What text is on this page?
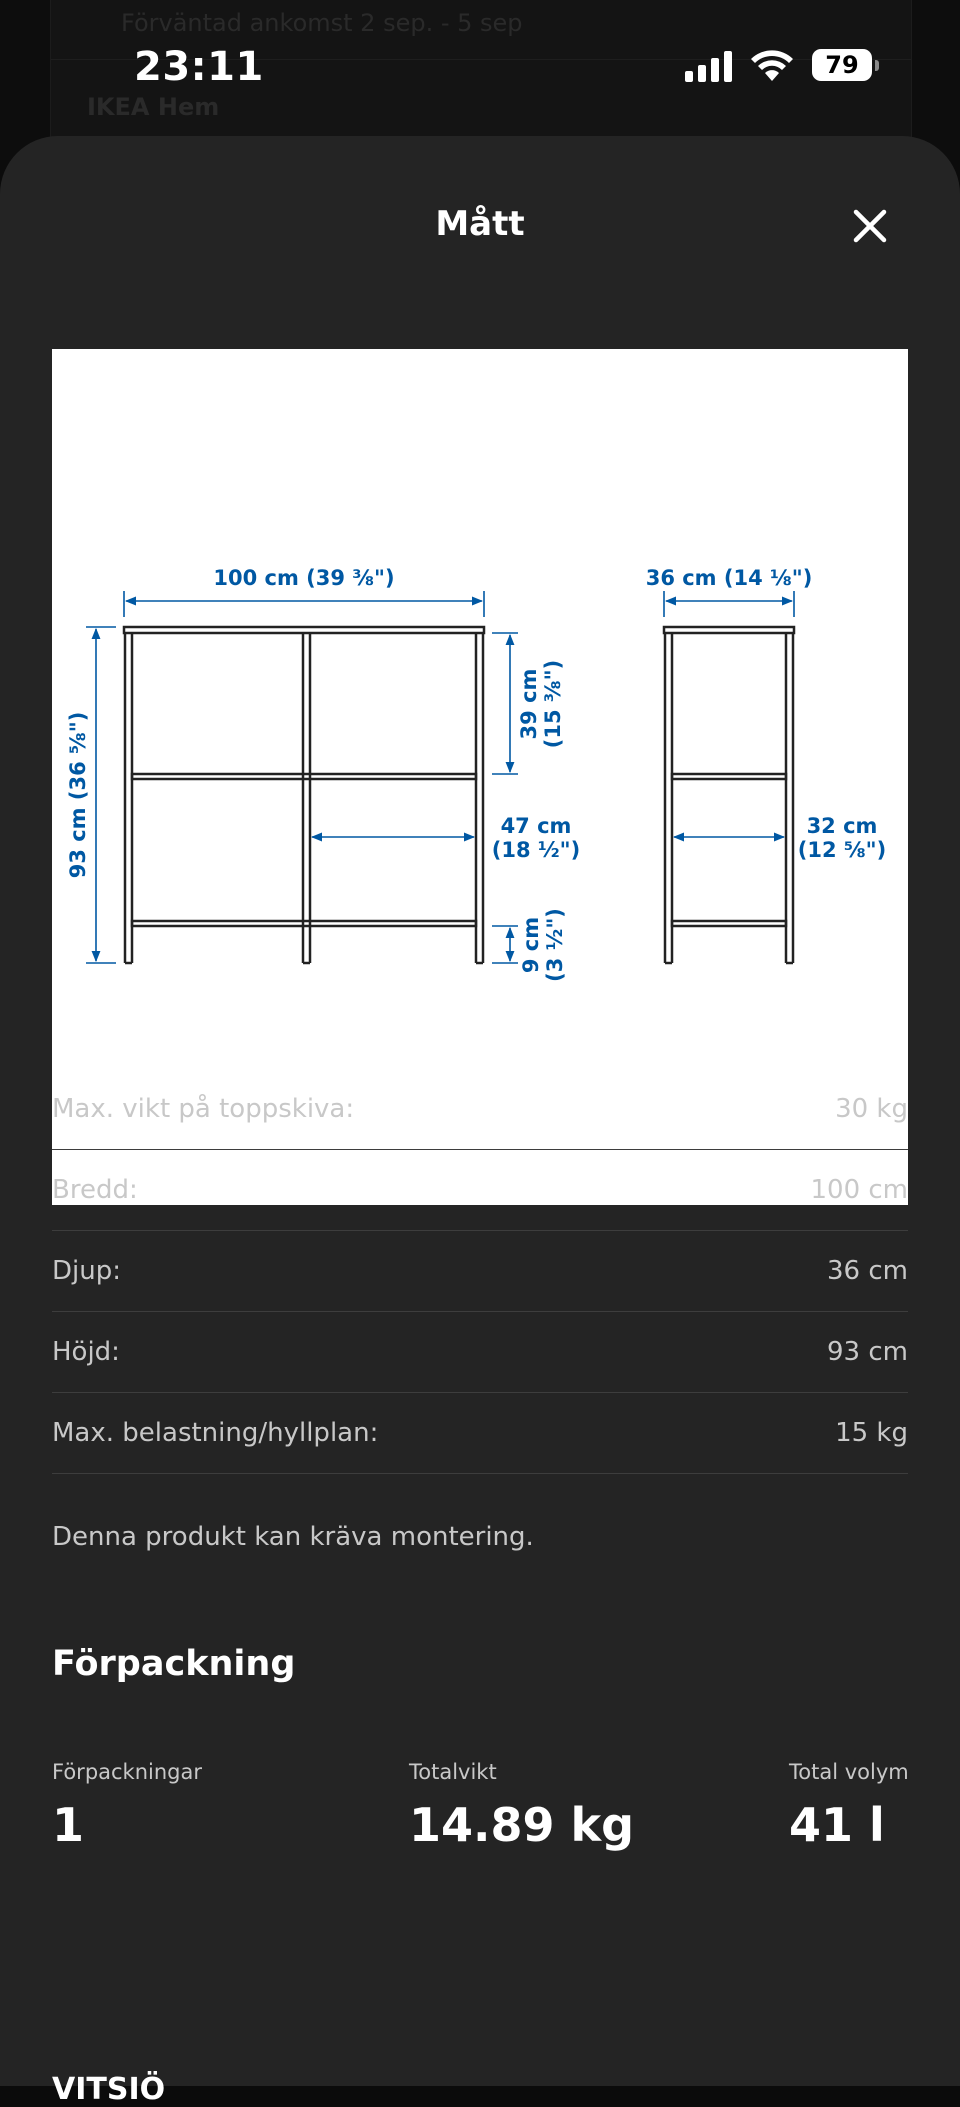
Förväntad ankomst 2 sep. - 5 sep
IKEA Hem
23:11	79
Mått
100 cm (39 ⅜")
93 cm (36 ⅝")
39 cm (15 ⅜")
47 cm
(18 ½")
9 cm (3 ½")
36 cm (14 ⅛")
32 cm
(12 ⅝")
Max. vikt på toppskiva:	30 kg
Bredd:	100 cm
Djup:	36 cm
Höjd:	93 cm
Max. belastning/hyllplan:	15 kg
Denna produkt kan kräva montering.
Förpackning
Förpackningar
1
Totalvikt
14.89 kg
Total volym
41 l
VITSIÖ
